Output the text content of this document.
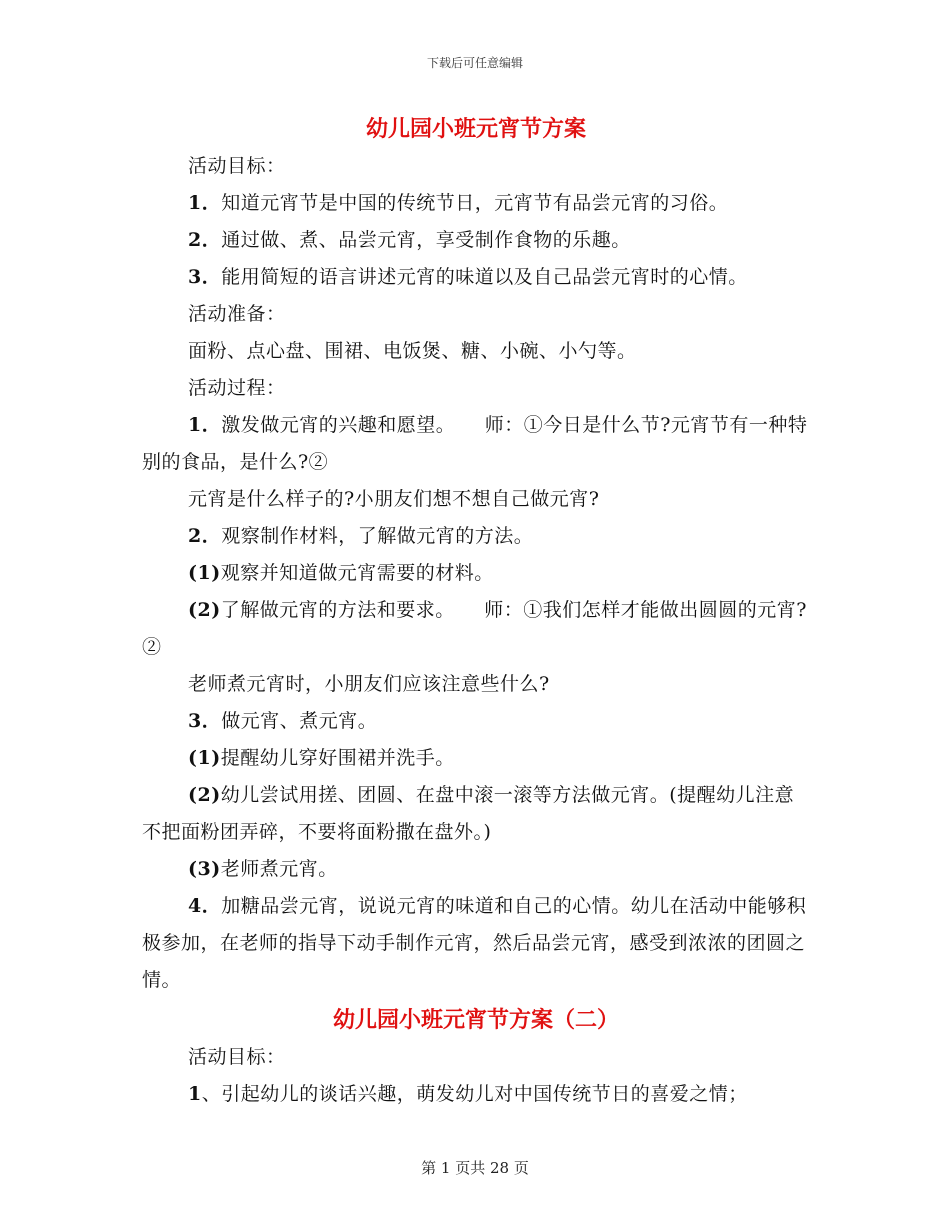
下载后可任意编辑
幼儿园小班元宵节方案

活动目标：

1．知道元宵节是中国的传统节日，元宵节有品尝元宵的习俗。

2．通过做、煮、品尝元宵，享受制作食物的乐趣。

3．能用简短的语言讲述元宵的味道以及自己品尝元宵时的心情。

活动准备：

面粉、点心盘、围裙、电饭煲、糖、小碗、小勺等。

活动过程：

1．激发做元宵的兴趣和愿望。　　师：①今日是什么节?元宵节有一种特别的食品，是什么?②

元宵是什么样子的?小朋友们想不想自己做元宵?

2．观察制作材料，了解做元宵的方法。

(1)观察并知道做元宵需要的材料。

(2)了解做元宵的方法和要求。　　师：①我们怎样才能做出圆圆的元宵?②

老师煮元宵时，小朋友们应该注意些什么?

3．做元宵、煮元宵。

(1)提醒幼儿穿好围裙并洗手。

(2)幼儿尝试用搓、团圆、在盘中滚一滚等方法做元宵。(提醒幼儿注意不把面粉团弄碎，不要将面粉撒在盘外。)

(3)老师煮元宵。

4．加糖品尝元宵，说说元宵的味道和自己的心情。幼儿在活动中能够积极参加，在老师的指导下动手制作元宵，然后品尝元宵，感受到浓浓的团圆之情。

幼儿园小班元宵节方案（二）

活动目标：

1、引起幼儿的谈话兴趣，萌发幼儿对中国传统节日的喜爱之情；

第 1 页共 28 页
